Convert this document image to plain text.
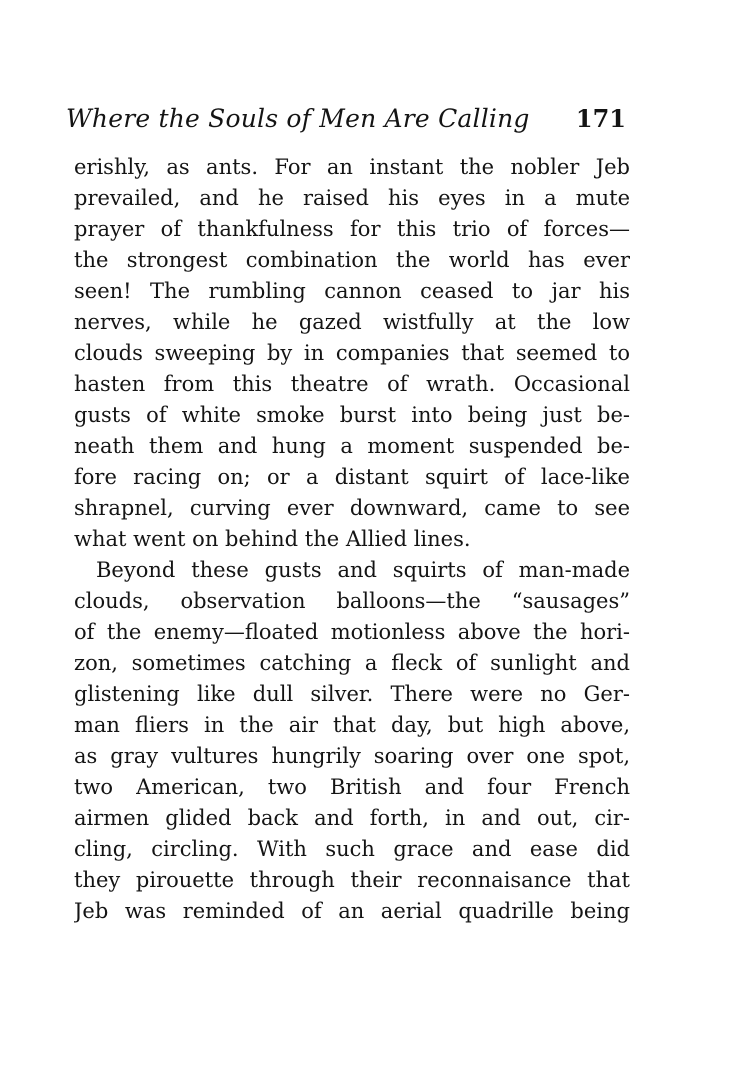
Where the Souls of Men Are Calling 171
erishly, as ants. For an instant the nobler Jeb
prevailed, and he raised his eyes in a mute
prayer of thankfulness for this trio of forces—
the strongest combination the world has ever
seen! The rumbling cannon ceased to jar his
nerves, while he gazed wistfully at the low
clouds sweeping by in companies that seemed to
hasten from this theatre of wrath. Occasional
gusts of white smoke burst into being just be-
neath them and hung a moment suspended be-
fore racing on; or a distant squirt of lace-like
shrapnel, curving ever downward, came to see
what went on behind the Allied lines.
Beyond these gusts and squirts of man-made
clouds, observation balloons—the “sausages”
of the enemy—floated motionless above the hori-
zon, sometimes catching a fleck of sunlight and
glistening like dull silver. There were no Ger-
man fliers in the air that day, but high above,
as gray vultures hungrily soaring over one spot,
two American, two British and four French
airmen glided back and forth, in and out, cir-
cling, circling. With such grace and ease did
they pirouette through their reconnaisance that
Jeb was reminded of an aerial quadrille being
